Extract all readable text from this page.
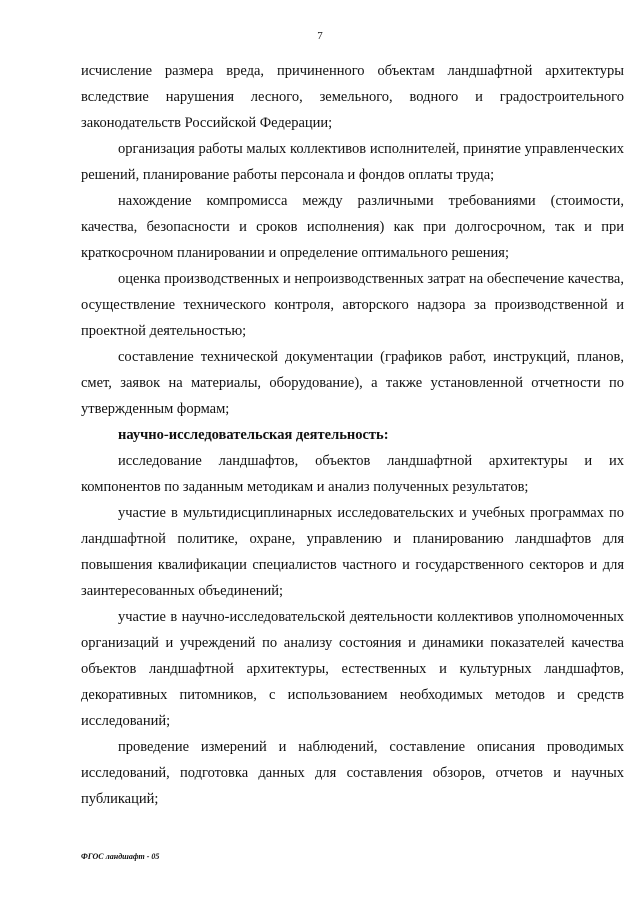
7

исчисление размера вреда, причиненного объектам ландшафтной архитектуры вследствие нарушения лесного, земельного, водного и градостроительного законодательств Российской Федерации;

организация работы малых коллективов исполнителей, принятие управленческих решений, планирование работы персонала и фондов оплаты труда;

нахождение компромисса между различными требованиями (стоимости, качества, безопасности и сроков исполнения) как при долгосрочном, так и при краткосрочном планировании и определение оптимального решения;

оценка производственных и непроизводственных затрат на обеспечение качества, осуществление технического контроля, авторского надзора за производственной и проектной деятельностью;

составление технической документации (графиков работ, инструкций, планов, смет, заявок на материалы, оборудование), а также установленной отчетности по утвержденным формам;

научно-исследовательская деятельность:

исследование ландшафтов, объектов ландшафтной архитектуры и их компонентов по заданным методикам и анализ полученных результатов;

участие в мультидисциплинарных исследовательских и учебных программах по ландшафтной политике, охране, управлению и планированию ландшафтов для повышения квалификации специалистов частного и государственного секторов и для заинтересованных объединений;

участие в научно-исследовательской деятельности коллективов уполномоченных организаций и учреждений по анализу состояния и динамики показателей качества объектов ландшафтной архитектуры, естественных и культурных ландшафтов, декоративных питомников, с использованием необходимых методов и средств исследований;

проведение измерений и наблюдений, составление описания проводимых исследований, подготовка данных для составления обзоров, отчетов и научных публикаций;

ФГОС ландшафт - 05
